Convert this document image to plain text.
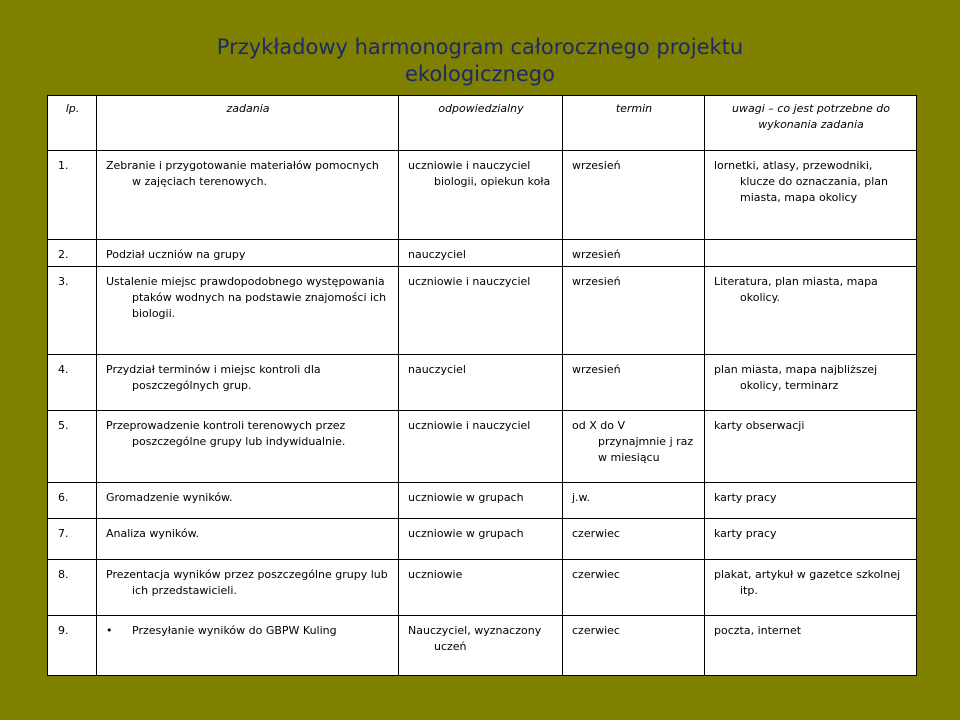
Przykładowy harmonogram całorocznego projektu
ekologicznego
lp.	zadania	odpowiedzialny	termin	uwagi – co jest potrzebne do wykonania zadania
1.	Zebranie i przygotowanie materiałów pomocnych w zajęciach terenowych.	uczniowie i nauczyciel biologii, opiekun koła	wrzesień	lornetki, atlasy, przewodniki, klucze do oznaczania, plan miasta, mapa okolicy

2.	Podział uczniów na grupy	nauczyciel	wrzesień	

3.	Ustalenie miejsc prawdopodobnego występowania ptaków wodnych na podstawie znajomości ich biologii.	uczniowie i nauczyciel	wrzesień	Literatura, plan miasta, mapa okolicy.

4.	Przydział terminów i miejsc kontroli dla poszczególnych grup.	nauczyciel	wrzesień	plan miasta, mapa najbliższej okolicy, terminarz

5.	Przeprowadzenie kontroli terenowych przez poszczególne grupy lub indywidualnie.	uczniowie i nauczyciel	od X do V przynajmnie j raz w miesiącu	karty obserwacji

6.	Gromadzenie wyników.	uczniowie w grupach	j.w.	karty pracy

7.	Analiza wyników.	uczniowie w grupach	czerwiec	karty pracy

8.	Prezentacja wyników przez poszczególne grupy lub ich przedstawicieli.	uczniowie	czerwiec	plakat, artykuł w gazetce szkolnej itp.

9.	• Przesyłanie wyników do GBPW Kuling	Nauczyciel, wyznaczony uczeń	czerwiec	poczta, internet
